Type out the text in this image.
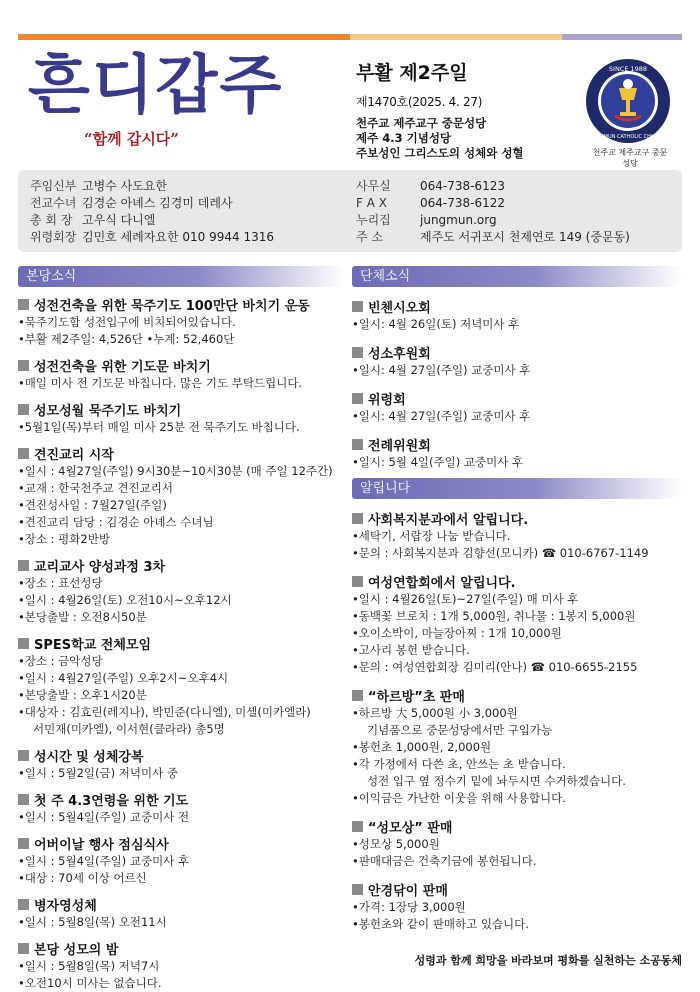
흔디갑주
“함께 갑시다”
부활 제2주일
제1470호(2025. 4. 27)
천주교 제주교구 중문성당
제주 4.3 기념성당
주보성인 그리스도의 성체와 성혈
SINCE 1988
JUNGMUN CATHOLIC CHURCH
천주교 제주교구 중문성당
주임신부 고병수 사도요한
전교수녀 김경순 아녜스 김경미 데레사
총 회 장 고우식 다니엘
위령회장 김민호 세례자요한 010 9944 1316
사무실	064-738-6123
F A X	064-738-6122
누리집	jungmun.org
주 소	제주도 서귀포시 천제연로 149 (중문동)
본당소식
성전건축을 위한 묵주기도 100만단 바치기 운동
•묵주기도함 성전입구에 비치되어있습니다.
•부활 제2주일: 4,526단 •누계: 52,460단
성전건축을 위한 기도문 바치기
•매일 미사 전 기도문 바칩니다. 많은 기도 부탁드립니다.
성모성월 묵주기도 바치기
•5월1일(목)부터 매일 미사 25분 전 묵주기도 바칩니다.
견진교리 시작
•일시 : 4월27일(주일) 9시30분~10시30분 (매 주일 12주간)
•교재 : 한국천주교 견진교리서
•견진성사일 : 7월27일(주일)
•견진교리 담당 : 김경순 아녜스 수녀님
•장소 : 평화2반방
교리교사 양성과정 3차
•장소 : 표선성당
•일시 : 4월26일(토) 오전10시~오후12시
•본당출발 : 오전8시50분
SPES학교 전체모임
•장소 : 금악성당
•일시 : 4월27일(주일) 오후2시~오후4시
•본당출발 : 오후1시20분
•대상자 : 김효린(레지나), 박민준(다니엘), 미셸(미카엘라)
서민재(미카엘), 이서현(클라라) 총5명
성시간 및 성체강복
•일시 : 5월2일(금) 저녁미사 중
첫 주 4.3연령을 위한 기도
•일시 : 5월4일(주일) 교중미사 전
어버이날 행사 점심식사
•일시 : 5월4일(주일) 교중미사 후
•대상 : 70세 이상 어르신
병자영성체
•일시 : 5월8일(목) 오전11시
본당 성모의 밤
•일시 : 5월8일(목) 저녁7시
•오전10시 미사는 없습니다.
단체소식
빈첸시오회
•일시: 4월 26일(토) 저녁미사 후
성소후원회
•일시: 4월 27일(주일) 교중미사 후
위령회
•일시: 4월 27일(주일) 교중미사 후
전례위원회
•일시: 5월 4일(주일) 교중미사 후
알립니다
사회복지분과에서 알립니다.
•세탁기, 서랍장 나눔 받습니다.
•문의 : 사회복지분과 김향선(모니카) ☎ 010-6767-1149
여성연합회에서 알립니다.
•일시 : 4월26일(토)~27일(주일) 매 미사 후
•동백꽃 브로치 : 1개 5,000원, 취나물 : 1봉지 5,000원
•오이소박이, 마늘장아찌 : 1개 10,000원
•고사리 봉헌 받습니다.
•문의 : 여성연합회장 김미리(안나) ☎ 010-6655-2155
“하르방”초 판매
•하르방 大 5,000원 小 3,000원
기념품으로 중문성당에서만 구입가능
•봉헌초 1,000원, 2,000원
•각 가정에서 다쓴 초, 안쓰는 초 받습니다.
성전 입구 옆 정수기 밑에 놔두시면 수거하겠습니다.
•이익금은 가난한 이웃을 위해 사용합니다.
“성모상” 판매
•성모상 5,000원
•판매대금은 건축기금에 봉헌됩니다.
안경닦이 판매
•가격: 1장당 3,000원
•봉헌초와 같이 판매하고 있습니다.
성령과 함께 희망을 바라보며 평화를 실천하는 소공동체
